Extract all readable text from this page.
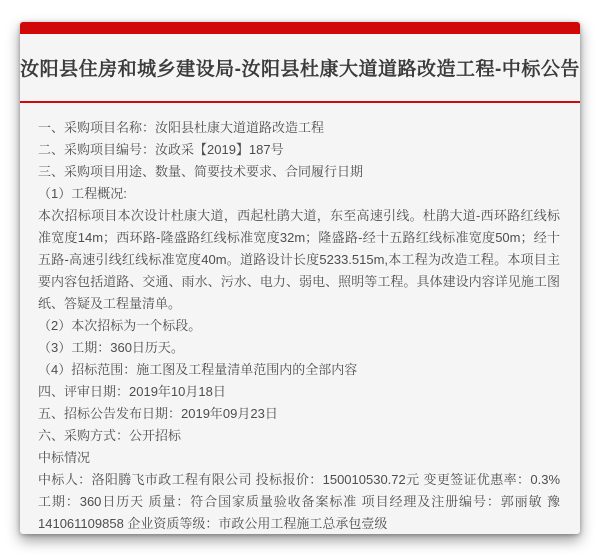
汝阳县住房和城乡建设局-汝阳县杜康大道道路改造工程-中标公告

一、采购项目名称：汝阳县杜康大道道路改造工程

二、采购项目编号：汝政采【2019】187号

三、采购项目用途、数量、简要技术要求、合同履行日期

（1）工程概况:

本次招标项目本次设计杜康大道，西起杜鹃大道，东至高速引线。杜鹃大道-西环路红线标准宽度14m；西环路-隆盛路红线标准宽度32m；隆盛路-经十五路红线标准宽度50m；经十五路-高速引线红线标准宽度40m。道路设计长度5233.515m,本工程为改造工程。本项目主要内容包括道路、交通、雨水、污水、电力、弱电、照明等工程。具体建设内容详见施工图纸、答疑及工程量清单。

（2）本次招标为一个标段。

（3）工期：360日历天。

（4）招标范围：施工图及工程量清单范围内的全部内容

四、评审日期：2019年10月18日

五、招标公告发布日期：2019年09月23日

六、采购方式：公开招标

中标情况

中标人：洛阳腾飞市政工程有限公司 投标报价：150010530.72元 变更签证优惠率：0.3% 工期：360日历天 质量：符合国家质量验收备案标准 项目经理及注册编号：郭丽敏 豫141061109858 企业资质等级：市政公用工程施工总承包壹级
